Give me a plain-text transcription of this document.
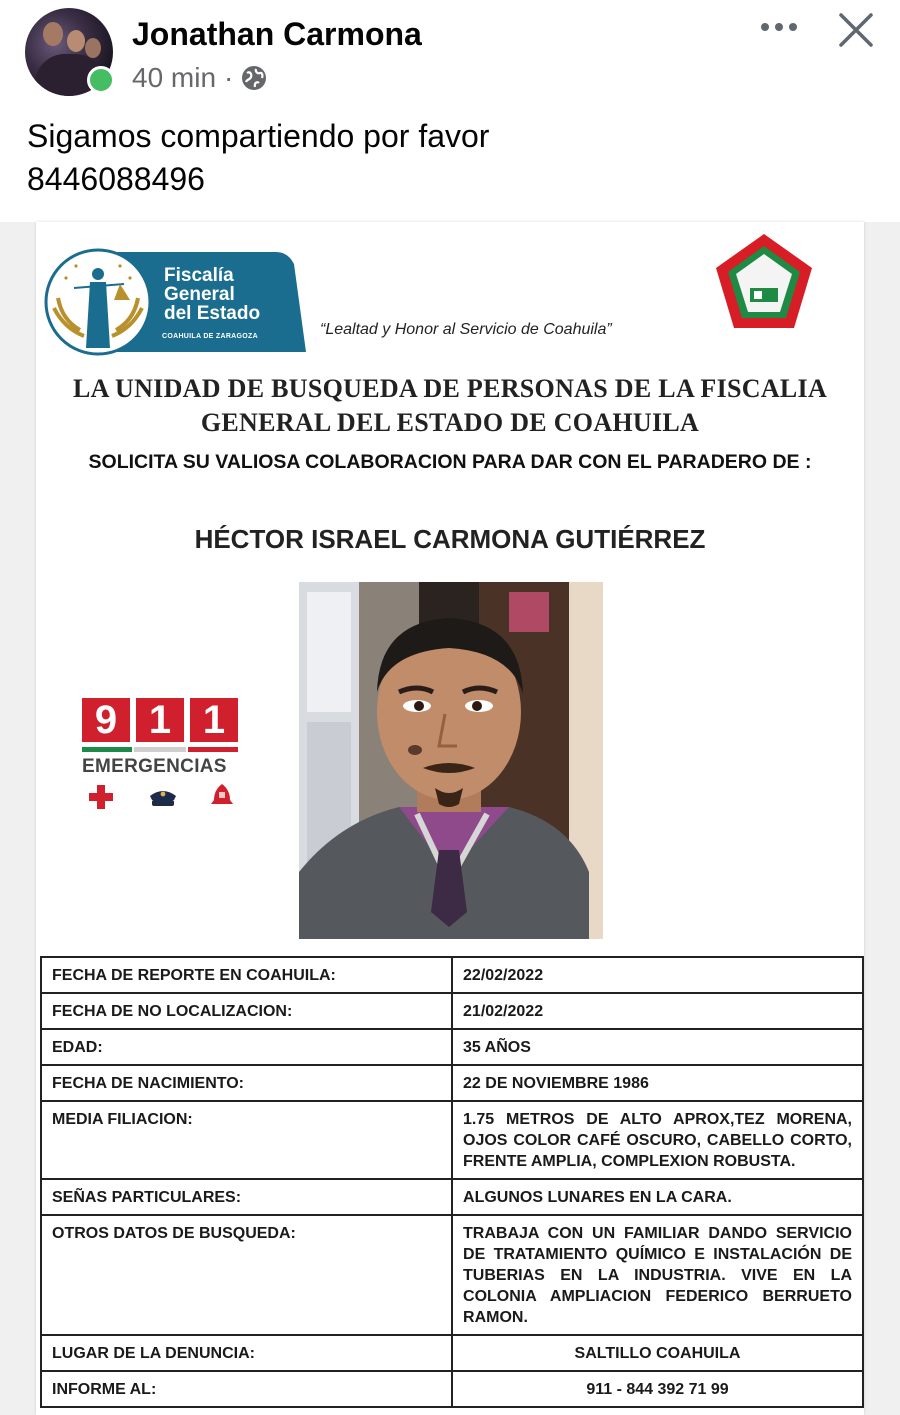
Jonathan Carmona
40 min ·
Sigamos compartiendo por favor
8446088496
Fiscalía
General
del Estado
COAHUILA DE ZARAGOZA	“Lealtad y Honor al Servicio de Coahuila”
LA UNIDAD DE BUSQUEDA DE PERSONAS DE LA FISCALIA
GENERAL DEL ESTADO DE COAHUILA
SOLICITA SU VALIOSA COLABORACION PARA DAR CON EL PARADERO DE :
HÉCTOR ISRAEL CARMONA GUTIÉRREZ
9 1 1
EMERGENCIAS
FECHA DE REPORTE EN COAHUILA:	22/02/2022
FECHA DE NO LOCALIZACION:	21/02/2022
EDAD:	35 AÑOS
FECHA DE NACIMIENTO:	22 DE NOVIEMBRE 1986
MEDIA FILIACION:	1.75 METROS DE ALTO APROX,TEZ MORENA, OJOS COLOR CAFÉ OSCURO, CABELLO CORTO, FRENTE AMPLIA, COMPLEXION ROBUSTA.
SEÑAS PARTICULARES:	ALGUNOS LUNARES EN LA CARA.
OTROS DATOS DE BUSQUEDA:	TRABAJA CON UN FAMILIAR DANDO SERVICIO DE TRATAMIENTO QUÍMICO E INSTALACIÓN DE TUBERIAS EN LA INDUSTRIA. VIVE EN LA COLONIA AMPLIACION FEDERICO BERRUETO RAMON.
LUGAR DE LA DENUNCIA:	SALTILLO COAHUILA
INFORME AL:	911 - 844 392 71 99
